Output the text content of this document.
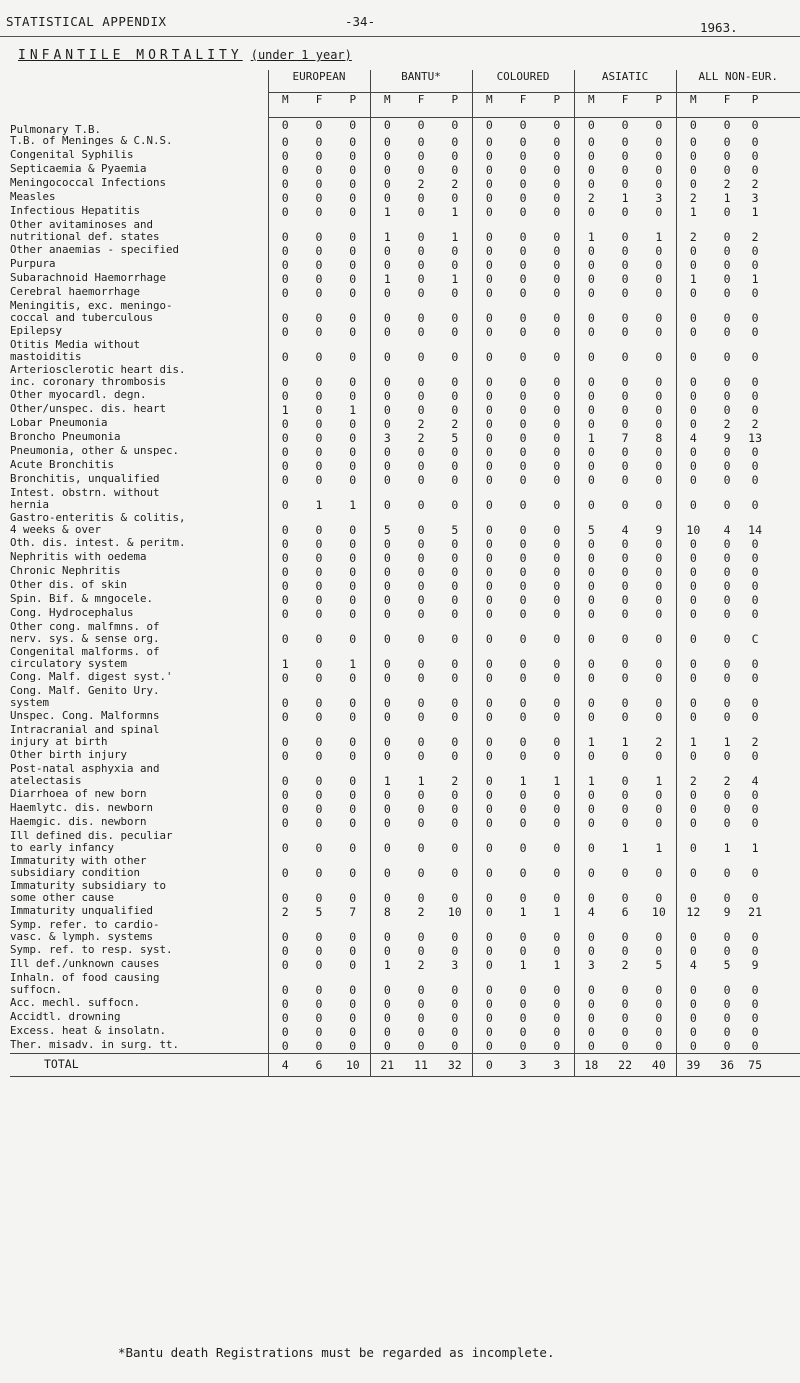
STATISTICAL APPENDIX	-34-	1963.
INFANTILE MORTALITY (under 1 year)
	EUROPEAN			BANTU*			COLOURED			ASIATIC			ALL NON-EUR.			
	M	F	P	M	F	P	M	F	P	M	F	P	M	F	P	

Pulmonary T.B.	0	0	0	0	0	0	0	0	0	0	0	0	0	0	0	

T.B. of Meninges & C.N.S.	0	0	0	0	0	0	0	0	0	0	0	0	0	0	0	

Congenital Syphilis	0	0	0	0	0	0	0	0	0	0	0	0	0	0	0	

Septicaemia & Pyaemia	0	0	0	0	0	0	0	0	0	0	0	0	0	0	0	

Meningococcal Infections	0	0	0	0	2	2	0	0	0	0	0	0	0	2	2	

Measles	0	0	0	0	0	0	0	0	0	2	1	3	2	1	3	

Infectious Hepatitis	0	0	0	1	0	1	0	0	0	0	0	0	1	0	1	

Other avitaminoses and
nutritional def. states	0	0	0	1	0	1	0	0	0	1	0	1	2	0	2	

Other anaemias - specified	0	0	0	0	0	0	0	0	0	0	0	0	0	0	0	

Purpura	0	0	0	0	0	0	0	0	0	0	0	0	0	0	0	

Subarachnoid Haemorrhage	0	0	0	1	0	1	0	0	0	0	0	0	1	0	1	

Cerebral haemorrhage	0	0	0	0	0	0	0	0	0	0	0	0	0	0	0	

Meningitis, exc. meningo-
coccal and tuberculous	0	0	0	0	0	0	0	0	0	0	0	0	0	0	0	

Epilepsy	0	0	0	0	0	0	0	0	0	0	0	0	0	0	0	

Otitis Media without
mastoiditis	0	0	0	0	0	0	0	0	0	0	0	0	0	0	0	

Arteriosclerotic heart dis.
inc. coronary thrombosis	0	0	0	0	0	0	0	0	0	0	0	0	0	0	0	

Other myocardl. degn.	0	0	0	0	0	0	0	0	0	0	0	0	0	0	0	

Other/unspec. dis. heart	1	0	1	0	0	0	0	0	0	0	0	0	0	0	0	

Lobar Pneumonia	0	0	0	0	2	2	0	0	0	0	0	0	0	2	2	

Broncho Pneumonia	0	0	0	3	2	5	0	0	0	1	7	8	4	9	13	

Pneumonia, other & unspec.	0	0	0	0	0	0	0	0	0	0	0	0	0	0	0	

Acute Bronchitis	0	0	0	0	0	0	0	0	0	0	0	0	0	0	0	

Bronchitis, unqualified	0	0	0	0	0	0	0	0	0	0	0	0	0	0	0	

Intest. obstrn. without
hernia	0	1	1	0	0	0	0	0	0	0	0	0	0	0	0	

Gastro-enteritis & colitis,
4 weeks & over	0	0	0	5	0	5	0	0	0	5	4	9	10	4	14	

Oth. dis. intest. & peritm.	0	0	0	0	0	0	0	0	0	0	0	0	0	0	0	

Nephritis with oedema	0	0	0	0	0	0	0	0	0	0	0	0	0	0	0	

Chronic Nephritis	0	0	0	0	0	0	0	0	0	0	0	0	0	0	0	

Other dis. of skin	0	0	0	0	0	0	0	0	0	0	0	0	0	0	0	

Spin. Bif. & mngocele.	0	0	0	0	0	0	0	0	0	0	0	0	0	0	0	

Cong. Hydrocephalus	0	0	0	0	0	0	0	0	0	0	0	0	0	0	0	

Other cong. malfmns. of
nerv. sys. & sense org.	0	0	0	0	0	0	0	0	0	0	0	0	0	0	C	

Congenital malforms. of
circulatory system	1	0	1	0	0	0	0	0	0	0	0	0	0	0	0	

Cong. Malf. digest syst.'	0	0	0	0	0	0	0	0	0	0	0	0	0	0	0	

Cong. Malf. Genito Ury.
system	0	0	0	0	0	0	0	0	0	0	0	0	0	0	0	

Unspec. Cong. Malformns	0	0	0	0	0	0	0	0	0	0	0	0	0	0	0	

Intracranial and spinal
injury at birth	0	0	0	0	0	0	0	0	0	1	1	2	1	1	2	

Other birth injury	0	0	0	0	0	0	0	0	0	0	0	0	0	0	0	

Post-natal asphyxia and
atelectasis	0	0	0	1	1	2	0	1	1	1	0	1	2	2	4	

Diarrhoea of new born	0	0	0	0	0	0	0	0	0	0	0	0	0	0	0	

Haemlytc. dis. newborn	0	0	0	0	0	0	0	0	0	0	0	0	0	0	0	

Haemgic. dis. newborn	0	0	0	0	0	0	0	0	0	0	0	0	0	0	0	

Ill defined dis. peculiar
to early infancy	0	0	0	0	0	0	0	0	0	0	1	1	0	1	1	

Immaturity with other
subsidiary condition	0	0	0	0	0	0	0	0	0	0	0	0	0	0	0	

Immaturity subsidiary to
some other cause	0	0	0	0	0	0	0	0	0	0	0	0	0	0	0	

Immaturity unqualified	2	5	7	8	2	10	0	1	1	4	6	10	12	9	21	

Symp. refer. to cardio-
vasc. & lymph. systems	0	0	0	0	0	0	0	0	0	0	0	0	0	0	0	

Symp. ref. to resp. syst.	0	0	0	0	0	0	0	0	0	0	0	0	0	0	0	

Ill def./unknown causes	0	0	0	1	2	3	0	1	1	3	2	5	4	5	9	

Inhaln. of food causing
suffocn.	0	0	0	0	0	0	0	0	0	0	0	0	0	0	0	

Acc. mechl. suffocn.	0	0	0	0	0	0	0	0	0	0	0	0	0	0	0	

Accidtl. drowning	0	0	0	0	0	0	0	0	0	0	0	0	0	0	0	

Excess. heat & insolatn.	0	0	0	0	0	0	0	0	0	0	0	0	0	0	0	

Ther. misadv. in surg. tt.	0	0	0	0	0	0	0	0	0	0	0	0	0	0	0	
TOTAL	4	6	10	21	11	32	0	3	3	18	22	40	39	36	75	
*Bantu death Registrations must be regarded as incomplete.
